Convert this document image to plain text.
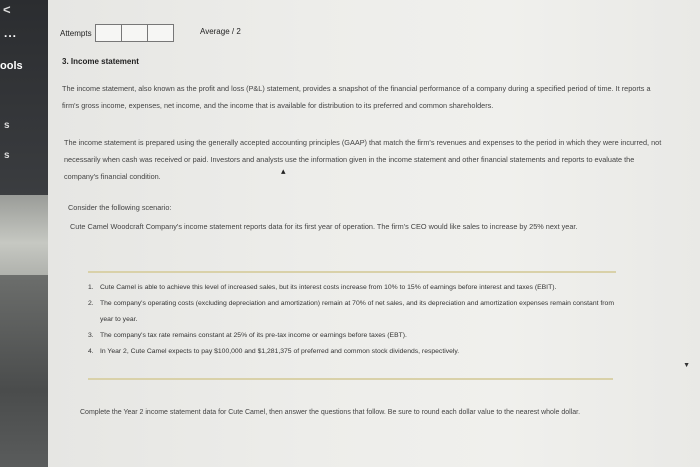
<
...
ools
s
s
Attempts	Average / 2
3. Income statement

The income statement, also known as the profit and loss (P&L) statement, provides a snapshot of the financial performance of a company during a specified period of time. It reports a firm's gross income, expenses, net income, and the income that is available for distribution to its preferred and common shareholders.

The income statement is prepared using the generally accepted accounting principles (GAAP) that match the firm's revenues and expenses to the period in which they were incurred, not necessarily when cash was received or paid. Investors and analysts use the information given in the income statement and other financial statements and reports to evaluate the company's financial condition.

▴

Consider the following scenario:

Cute Camel Woodcraft Company's income statement reports data for its first year of operation. The firm's CEO would like sales to increase by 25% next year.

1. Cute Camel is able to achieve this level of increased sales, but its interest costs increase from 10% to 15% of earnings before interest and taxes (EBIT).
2. The company's operating costs (excluding depreciation and amortization) remain at 70% of net sales, and its depreciation and amortization expenses remain constant from year to year.
3. The company's tax rate remains constant at 25% of its pre-tax income or earnings before taxes (EBT).
4. In Year 2, Cute Camel expects to pay $100,000 and $1,281,375 of preferred and common stock dividends, respectively.
▼

Complete the Year 2 income statement data for Cute Camel, then answer the questions that follow. Be sure to round each dollar value to the nearest whole dollar.
